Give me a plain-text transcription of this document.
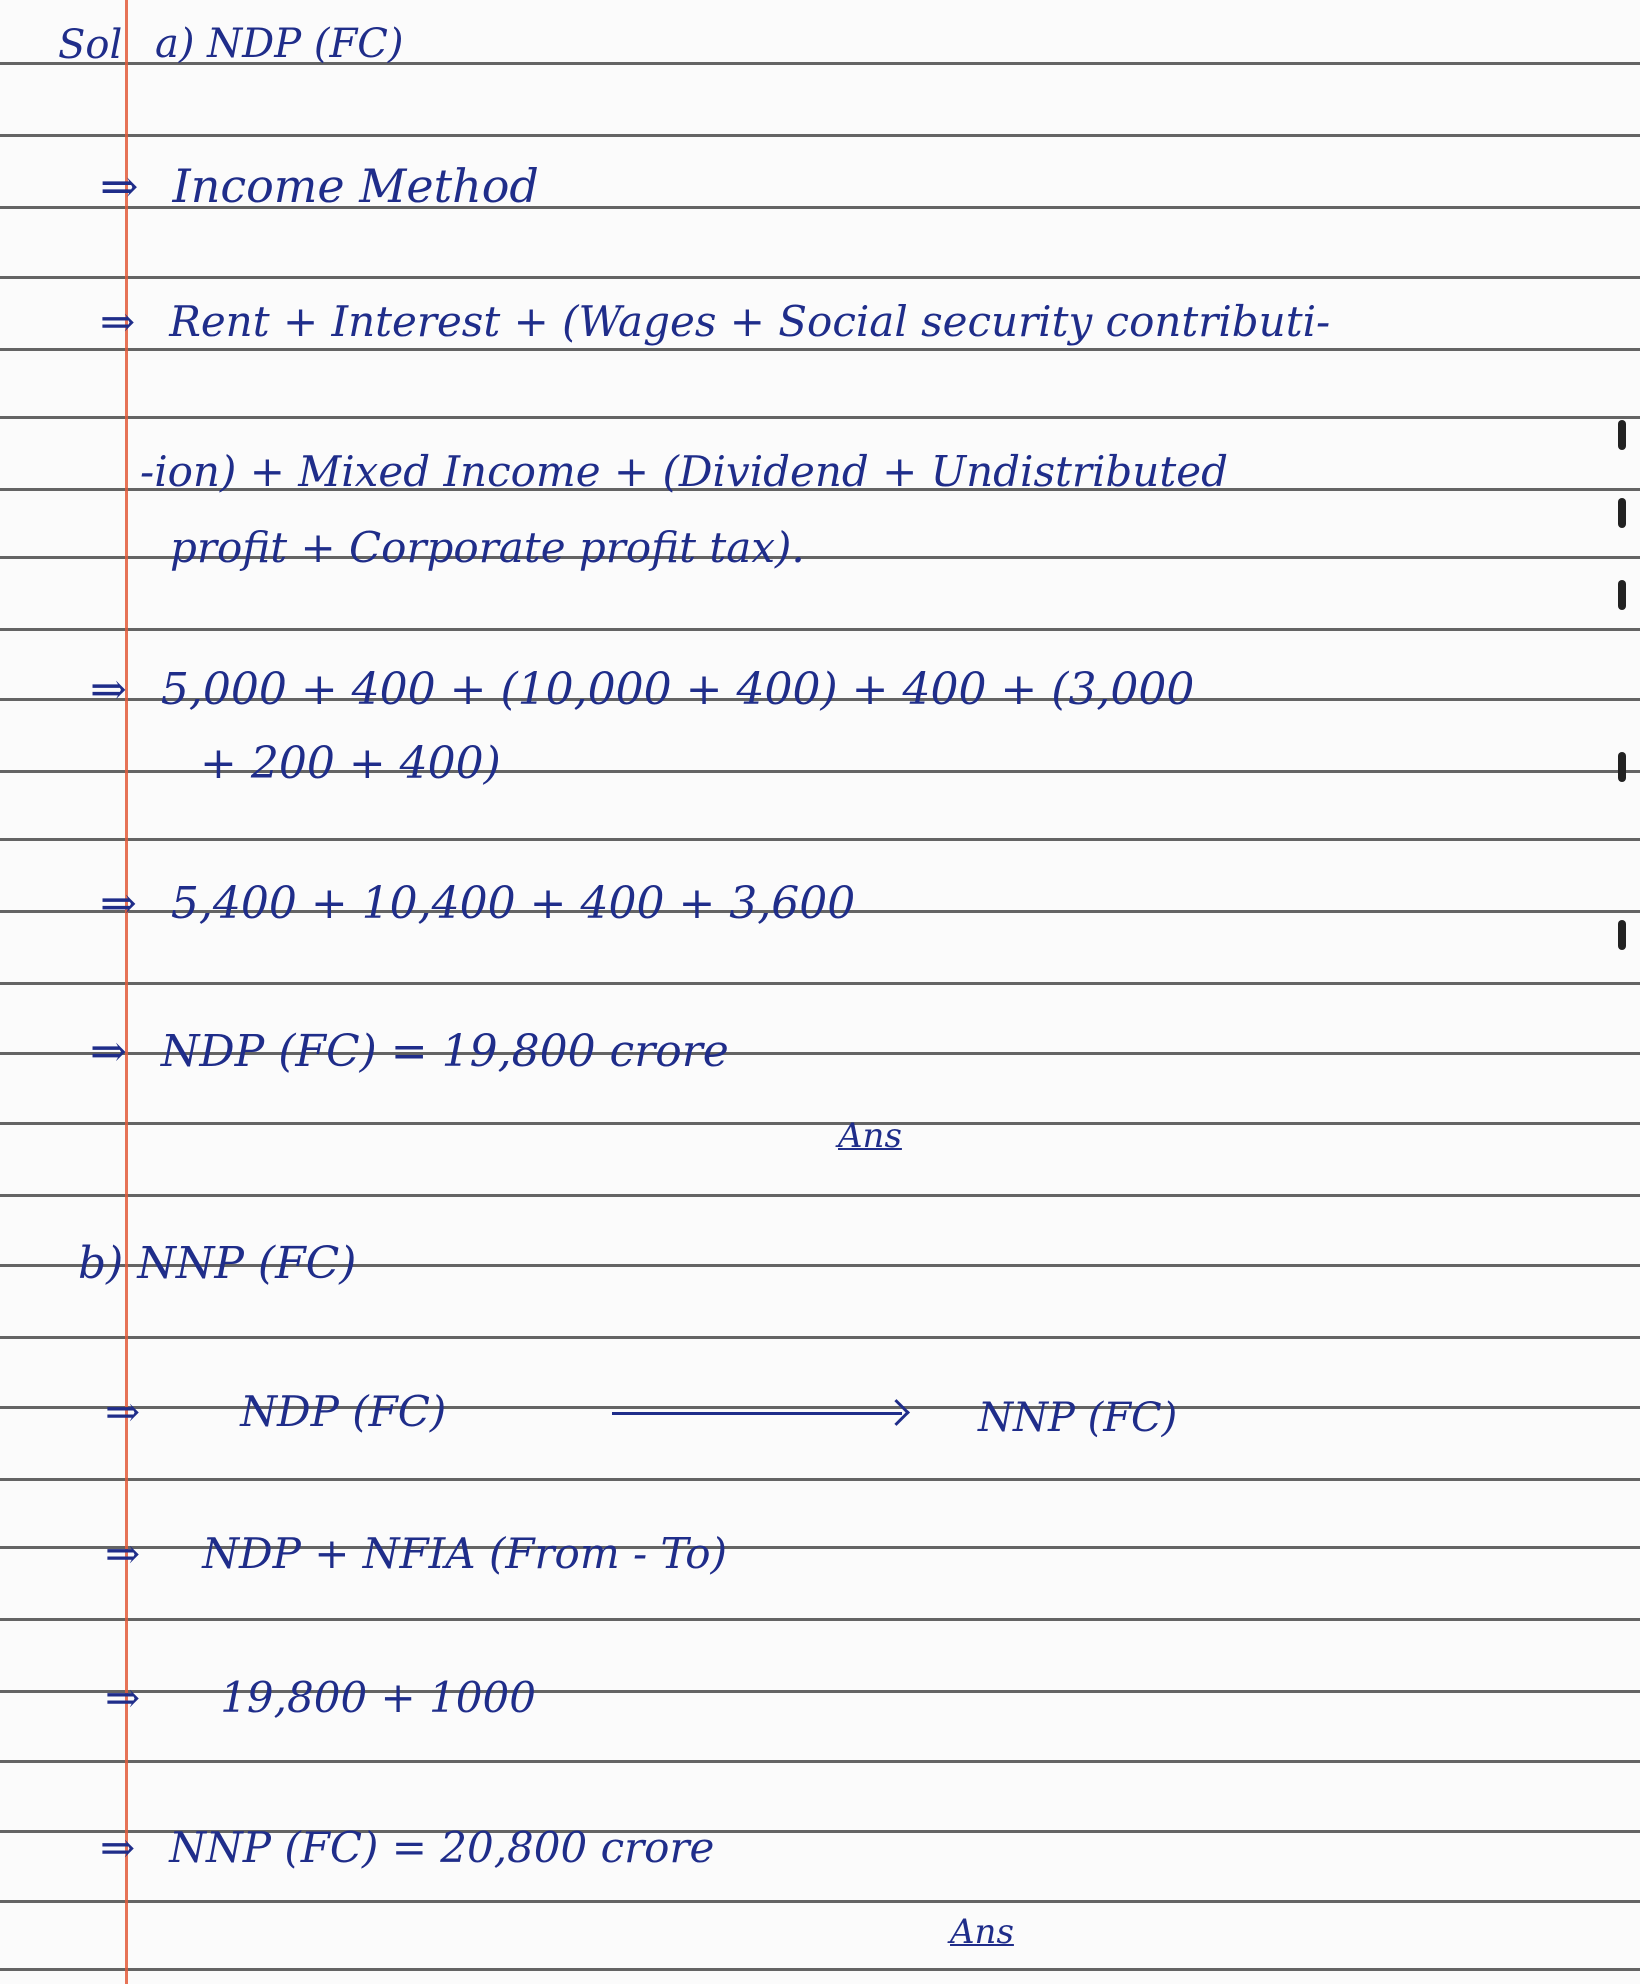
Sol a) NDP (FC)
⇒ Income Method
⇒ Rent + Interest + (Wages + Social security contributi-
-ion) + Mixed Income + (Dividend + Undistributed
profit + Corporate profit tax).
⇒ 5,000 + 400 + (10,000 + 400) + 400 + (3,000
+ 200 + 400)
⇒ 5,400 + 10,400 + 400 + 3,600
⇒ NDP (FC) = 19,800 crore
Ans
b) NNP (FC)
⇒ NDP (FC)	NNP (FC)
⇒ NDP + NFIA (From - To)
⇒ 19,800 + 1000
⇒ NNP (FC) = 20,800 crore
Ans
